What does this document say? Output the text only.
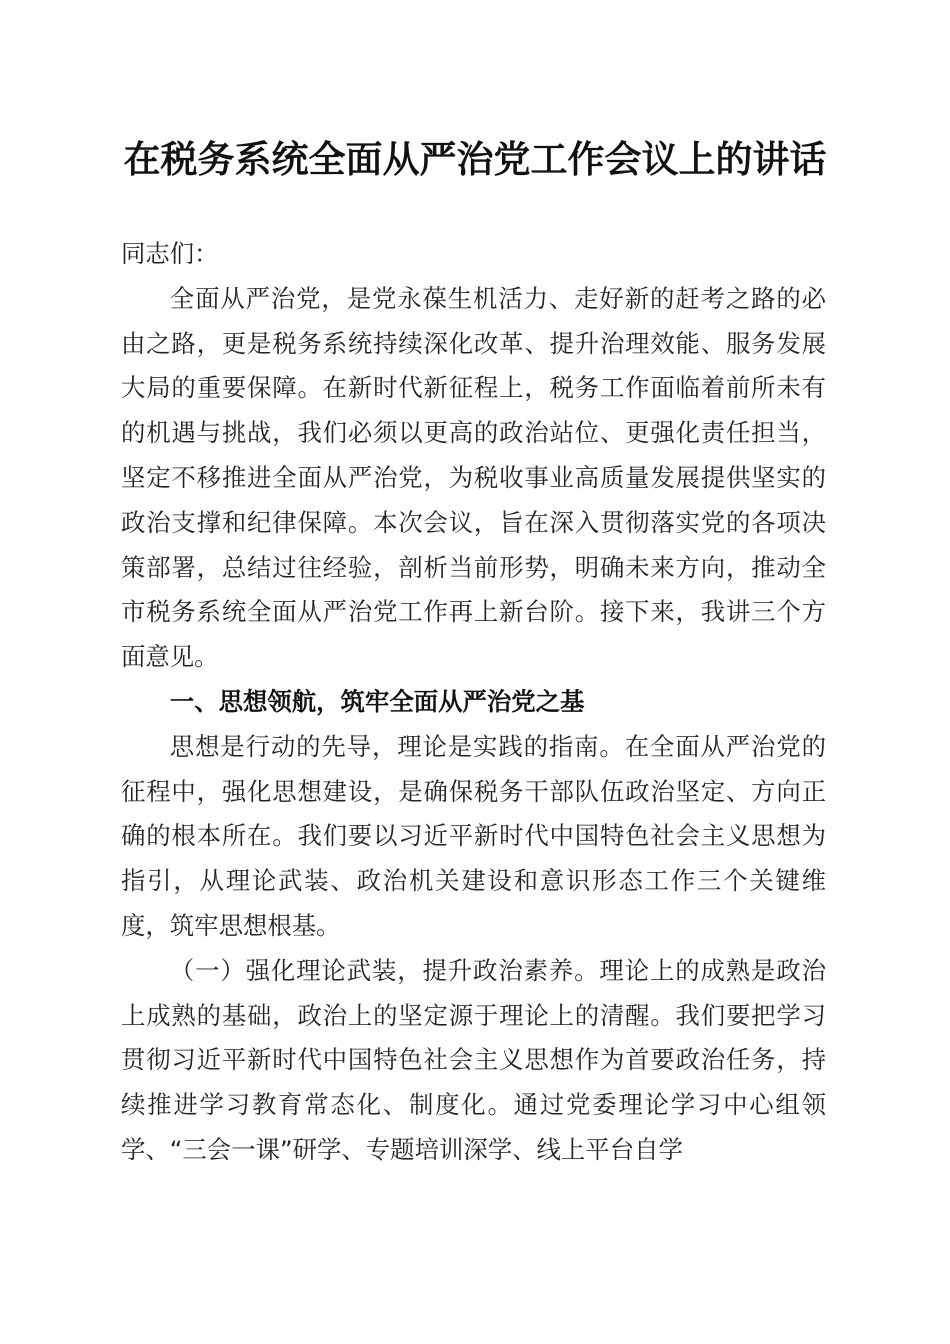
在税务系统全面从严治党工作会议上的讲话

同志们：

全面从严治党，是党永葆生机活力、走好新的赶考之路的必由之路，更是税务系统持续深化改革、提升治理效能、服务发展大局的重要保障。在新时代新征程上，税务工作面临着前所未有的机遇与挑战，我们必须以更高的政治站位、更强化责任担当，坚定不移推进全面从严治党，为税收事业高质量发展提供坚实的政治支撑和纪律保障。本次会议，旨在深入贯彻落实党的各项决策部署，总结过往经验，剖析当前形势，明确未来方向，推动全市税务系统全面从严治党工作再上新台阶。接下来，我讲三个方面意见。

一、思想领航，筑牢全面从严治党之基

思想是行动的先导，理论是实践的指南。在全面从严治党的征程中，强化思想建设，是确保税务干部队伍政治坚定、方向正确的根本所在。我们要以习近平新时代中国特色社会主义思想为指引，从理论武装、政治机关建设和意识形态工作三个关键维度，筑牢思想根基。

（一）强化理论武装，提升政治素养。理论上的成熟是政治上成熟的基础，政治上的坚定源于理论上的清醒。我们要把学习贯彻习近平新时代中国特色社会主义思想作为首要政治任务，持续推进学习教育常态化、制度化。通过党委理论学习中心组领学、“三会一课”研学、专题培训深学、线上平台自学
